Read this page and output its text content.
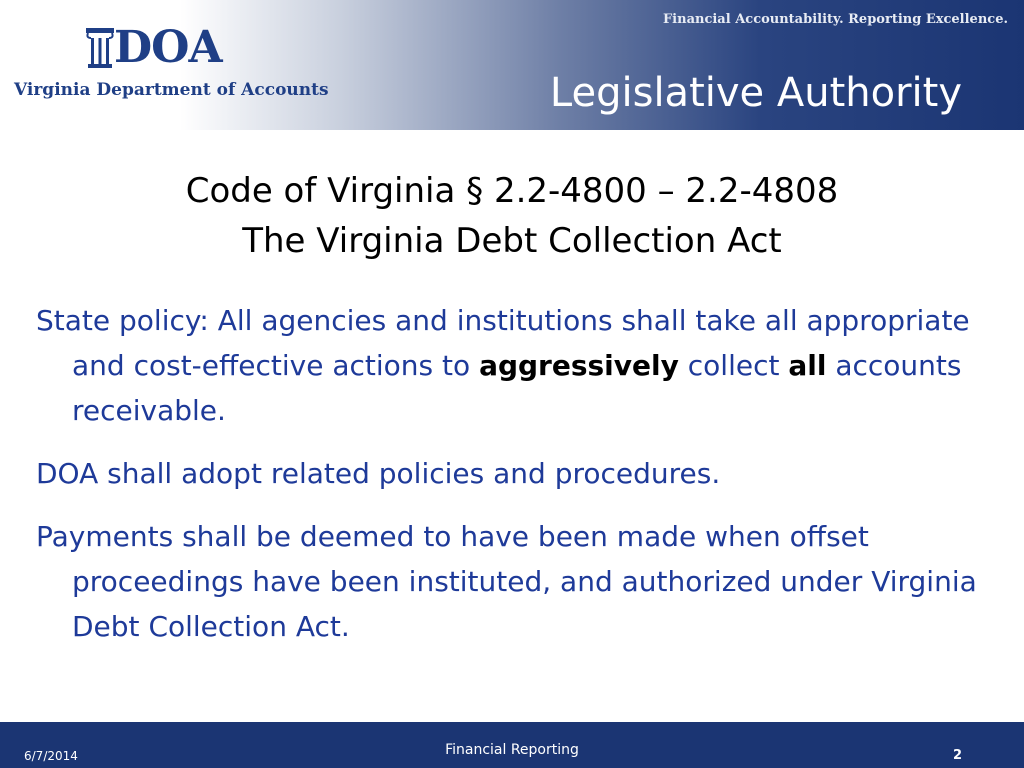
DOA
Virginia Department of Accounts
Financial Accountability. Reporting Excellence.
Legislative Authority
Code of Virginia § 2.2-4800 – 2.2-4808
The Virginia Debt Collection Act

State policy: All agencies and institutions shall take all appropriate and cost-effective actions to aggressively collect all accounts receivable.

DOA shall adopt related policies and procedures.

Payments shall be deemed to have been made when offset proceedings have been instituted, and authorized under Virginia Debt Collection Act.

6/7/2014	Financial Reporting	2
